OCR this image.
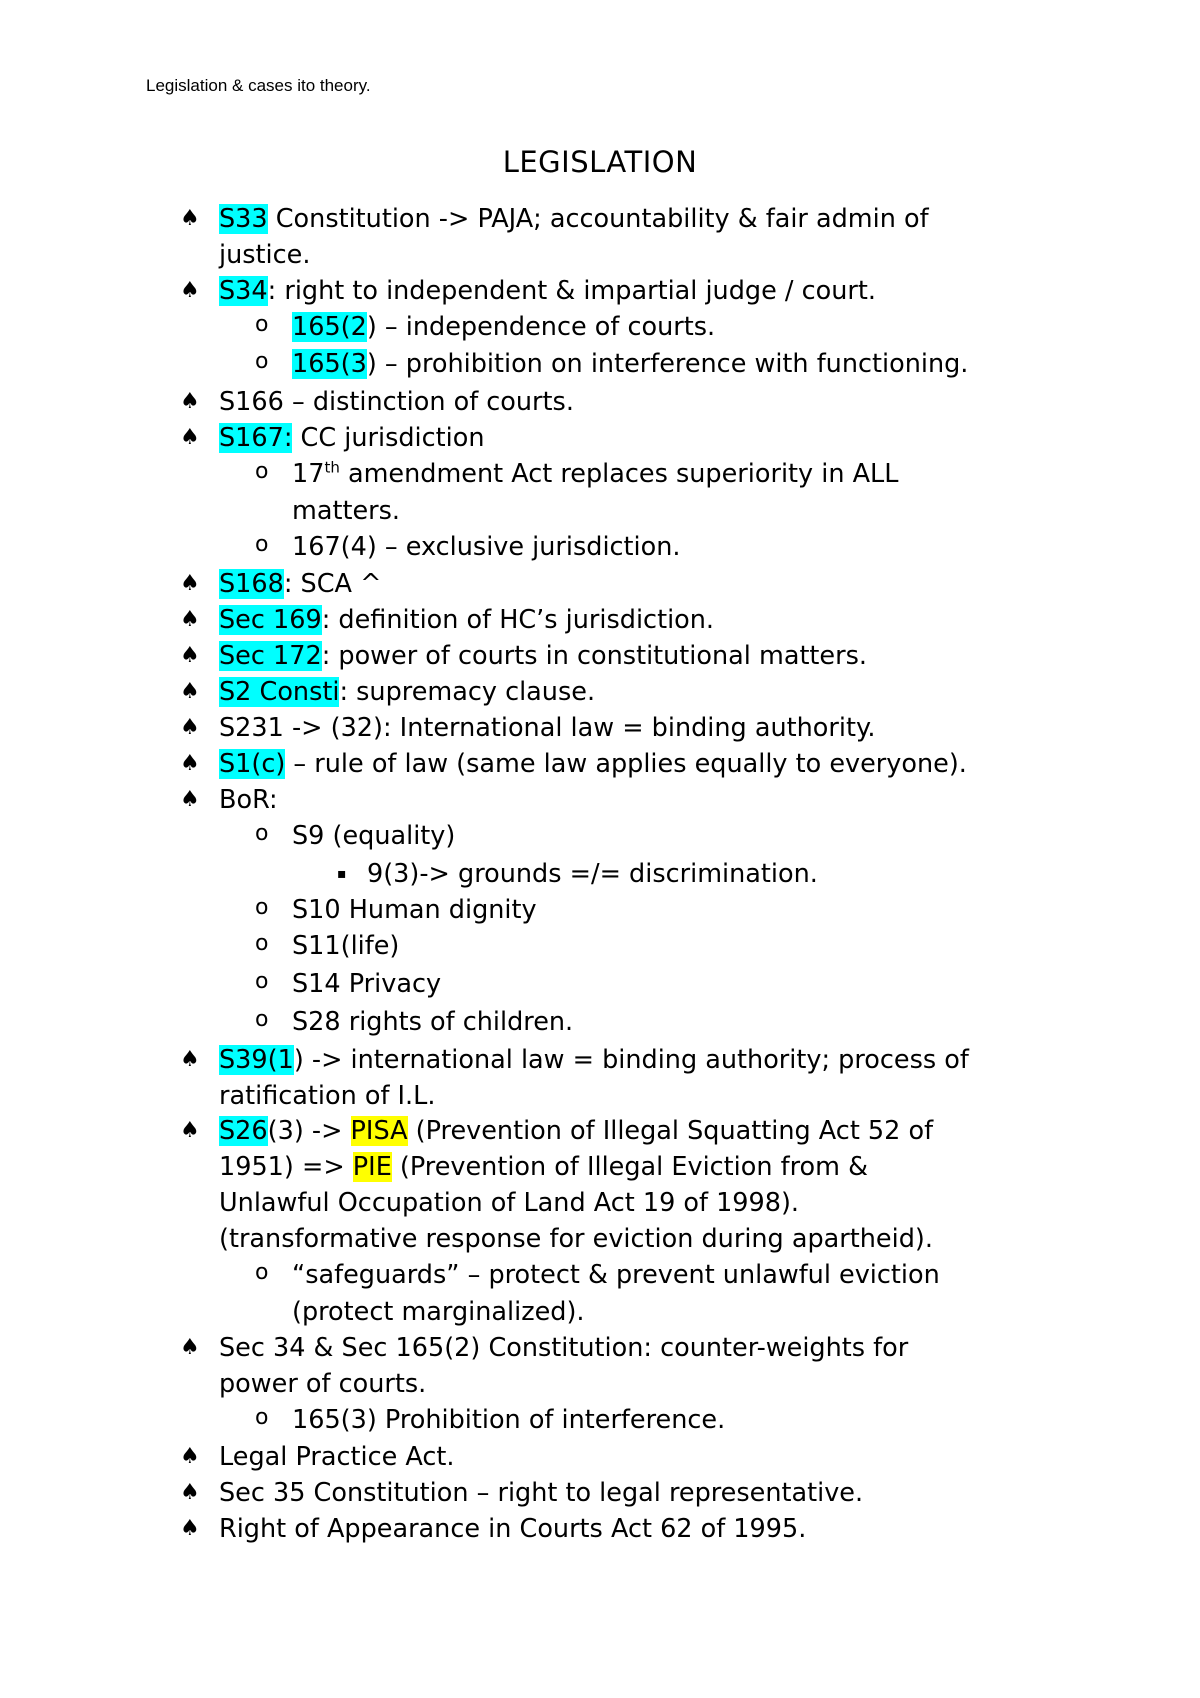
Legislation & cases ito theory.
LEGISLATION
♠ S33 Constitution -> PAJA; accountability & fair admin of
justice.
♠ S34: right to independent & impartial judge / court.
o 165(2) – independence of courts.
o 165(3) – prohibition on interference with functioning.
♠ S166 – distinction of courts.
♠ S167: CC jurisdiction
o 17th amendment Act replaces superiority in ALL
matters.
o 167(4) – exclusive jurisdiction.
♠ S168: SCA ^
♠ Sec 169: definition of HC’s jurisdiction.
♠ Sec 172: power of courts in constitutional matters.
♠ S2 Consti: supremacy clause.
♠ S231 -> (32): International law = binding authority.
♠ S1(c) – rule of law (same law applies equally to everyone).
♠ BoR:
o S9 (equality)
▪ 9(3)-> grounds =/= discrimination.
o S10 Human dignity
o S11(life)
o S14 Privacy
o S28 rights of children.
♠ S39(1) -> international law = binding authority; process of
ratification of I.L.
♠ S26(3) -> PISA (Prevention of Illegal Squatting Act 52 of
1951) => PIE (Prevention of Illegal Eviction from &
Unlawful Occupation of Land Act 19 of 1998).
(transformative response for eviction during apartheid).
o “safeguards” – protect & prevent unlawful eviction
(protect marginalized).
♠ Sec 34 & Sec 165(2) Constitution: counter-weights for
power of courts.
o 165(3) Prohibition of interference.
♠ Legal Practice Act.
♠ Sec 35 Constitution – right to legal representative.
♠ Right of Appearance in Courts Act 62 of 1995.
